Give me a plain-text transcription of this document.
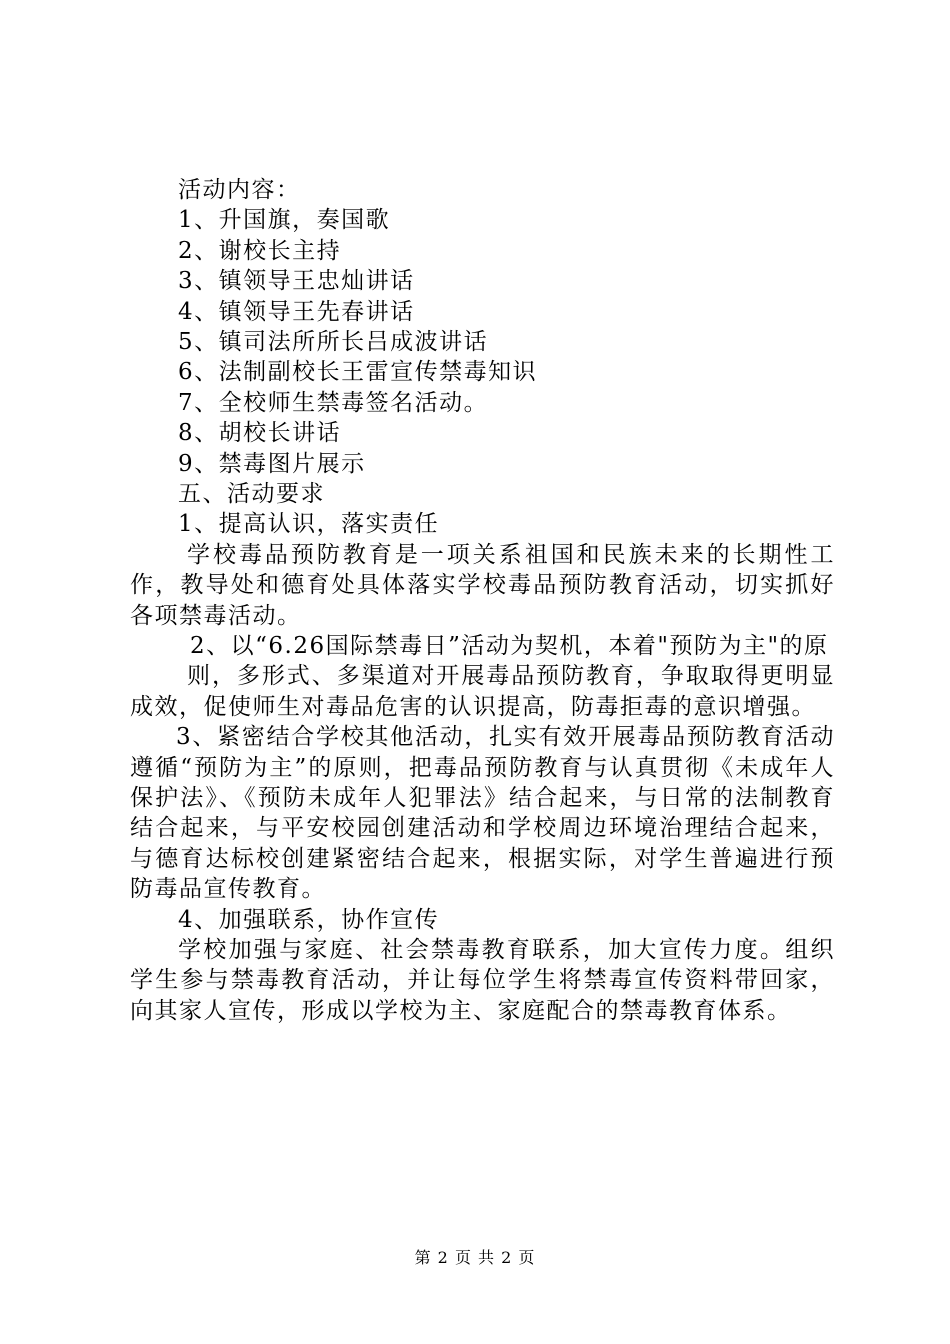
活动内容：
1、升国旗，奏国歌
2、谢校长主持
3、镇领导王忠灿讲话
4、镇领导王先春讲话
5、镇司法所所长吕成波讲话
6、法制副校长王雷宣传禁毒知识
7、全校师生禁毒签名活动。
8、胡校长讲话
9、禁毒图片展示
五、活动要求
1、提高认识，落实责任

学校毒品预防教育是一项关系祖国和民族未来的长期性工作，教导处和德育处具体落实学校毒品预防教育活动，切实抓好各项禁毒活动。

2、以“6.26国际禁毒日”活动为契机，本着"预防为主"的原

则，多形式、多渠道对开展毒品预防教育，争取取得更明显成效，促使师生对毒品危害的认识提高，防毒拒毒的意识增强。

3、紧密结合学校其他活动，扎实有效开展毒品预防教育活动遵循“预防为主”的原则，把毒品预防教育与认真贯彻《未成年人保护法》、《预防未成年人犯罪法》结合起来，与日常的法制教育结合起来，与平安校园创建活动和学校周边环境治理结合起来，与德育达标校创建紧密结合起来，根据实际，对学生普遍进行预防毒品宣传教育。

4、加强联系，协作宣传

学校加强与家庭、社会禁毒教育联系，加大宣传力度。组织学生参与禁毒教育活动，并让每位学生将禁毒宣传资料带回家，向其家人宣传，形成以学校为主、家庭配合的禁毒教育体系。

第 2 页 共 2 页
